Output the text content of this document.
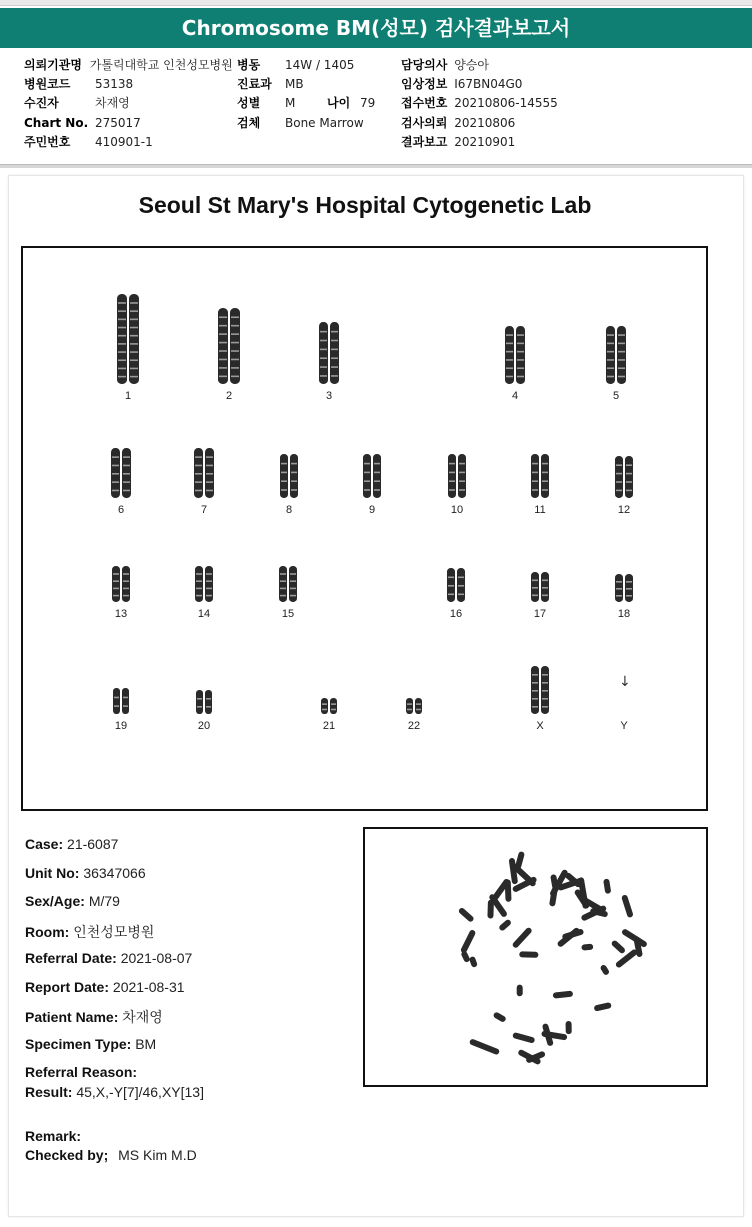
Chromosome BM(성모) 검사결과보고서
의뢰기관명 가톨릭대학교 인천성모병원
병원코드 53138
수진자	차재영
Chart No. 275017
주민번호 410901-1
병동 14W / 1405
진료과 MB
성별 M	나이 79
검체 Bone Marrow
담당의사 양승아
임상정보 I67BN04G0
접수번호 20210806-14555
검사의뢰 20210806
결과보고 20210901
Seoul St Mary's Hospital Cytogenetic Lab
1	2	3	4	5
6	7	8	9	10	11	12
13	14	15	16	17	18
19	20	21	22	X
↓
Y
Case: 21-6087
Unit No: 36347066
Sex/Age: M/79
Room: 인천성모병원
Referral Date: 2021-08-07
Report Date: 2021-08-31
Patient Name: 차재영
Specimen Type: BM
Referral Reason:
Result: 45,X,-Y[7]/46,XY[13]
Remark:
Checked by; MS Kim M.D
